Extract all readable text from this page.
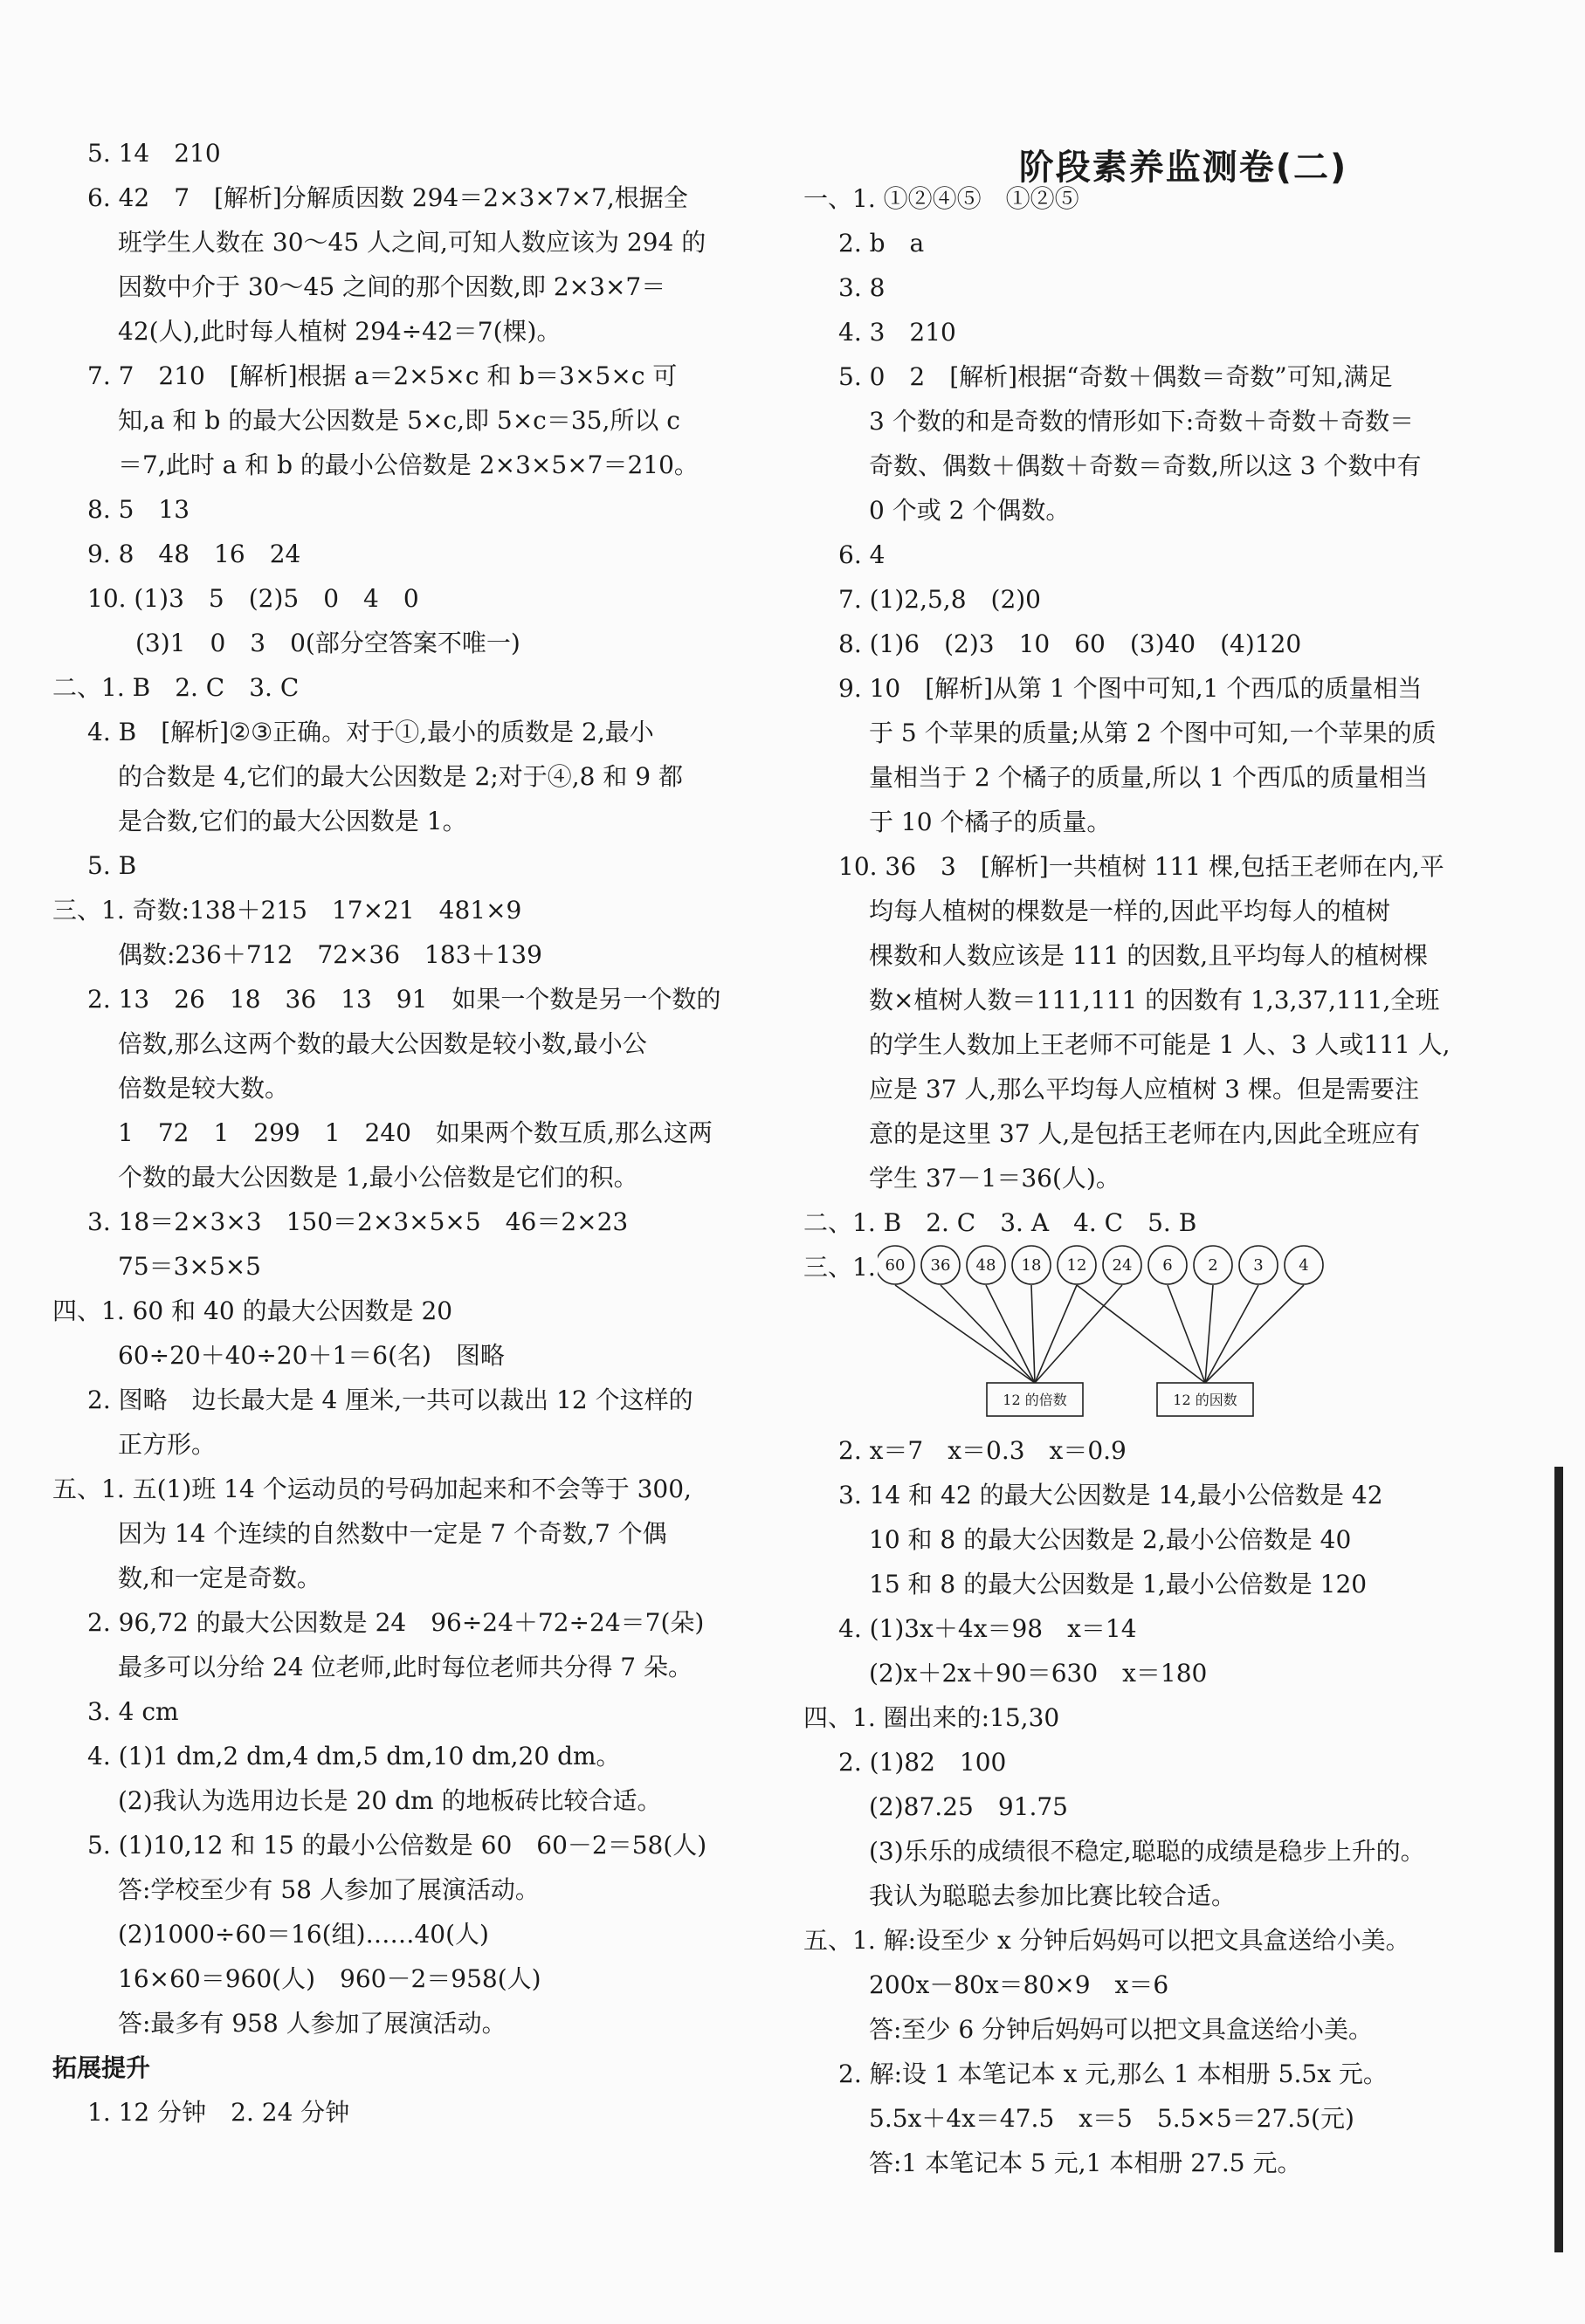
5. 14　210
6. 42　7　[解析]分解质因数 294＝2×3×7×7,根据全
班学生人数在 30～45 人之间,可知人数应该为 294 的
因数中介于 30～45 之间的那个因数,即 2×3×7＝
42(人),此时每人植树 294÷42＝7(棵)。
7. 7　210　[解析]根据 a＝2×5×c 和 b＝3×5×c 可
知,a 和 b 的最大公因数是 5×c,即 5×c＝35,所以 c
＝7,此时 a 和 b 的最小公倍数是 2×3×5×7＝210。
8. 5　13
9. 8　48　16　24
10. (1)3　5　(2)5　0　4　0
(3)1　0　3　0(部分空答案不唯一)
二、1. B　2. C　3. C
4. B　[解析]②③正确。对于①,最小的质数是 2,最小
的合数是 4,它们的最大公因数是 2;对于④,8 和 9 都
是合数,它们的最大公因数是 1。
5. B
三、1. 奇数:138＋215　17×21　481×9
偶数:236＋712　72×36　183＋139
2. 13　26　18　36　13　91　如果一个数是另一个数的
倍数,那么这两个数的最大公因数是较小数,最小公
倍数是较大数。
1　72　1　299　1　240　如果两个数互质,那么这两
个数的最大公因数是 1,最小公倍数是它们的积。
3. 18＝2×3×3　150＝2×3×5×5　46＝2×23
75＝3×5×5
四、1. 60 和 40 的最大公因数是 20
60÷20＋40÷20＋1＝6(名)　图略
2. 图略　边长最大是 4 厘米,一共可以裁出 12 个这样的
正方形。
五、1. 五(1)班 14 个运动员的号码加起来和不会等于 300,
因为 14 个连续的自然数中一定是 7 个奇数,7 个偶
数,和一定是奇数。
2. 96,72 的最大公因数是 24　96÷24＋72÷24＝7(朵)
最多可以分给 24 位老师,此时每位老师共分得 7 朵。
3. 4 cm
4. (1)1 dm,2 dm,4 dm,5 dm,10 dm,20 dm。
(2)我认为选用边长是 20 dm 的地板砖比较合适。
5. (1)10,12 和 15 的最小公倍数是 60　60－2＝58(人)
答:学校至少有 58 人参加了展演活动。
(2)1000÷60＝16(组)……40(人)
16×60＝960(人)　960－2＝958(人)
答:最多有 958 人参加了展演活动。
拓展提升
1. 12 分钟　2. 24 分钟
阶段素养监测卷(二)
一、1. ①②④⑤　①②⑤
2. b　a
3. 8
4. 3　210
5. 0　2　[解析]根据“奇数＋偶数＝奇数”可知,满足
3 个数的和是奇数的情形如下:奇数＋奇数＋奇数＝
奇数、偶数＋偶数＋奇数＝奇数,所以这 3 个数中有
0 个或 2 个偶数。
6. 4
7. (1)2,5,8　(2)0
8. (1)6　(2)3　10　60　(3)40　(4)120
9. 10　[解析]从第 1 个图中可知,1 个西瓜的质量相当
于 5 个苹果的质量;从第 2 个图中可知,一个苹果的质
量相当于 2 个橘子的质量,所以 1 个西瓜的质量相当
于 10 个橘子的质量。
10. 36　3　[解析]一共植树 111 棵,包括王老师在内,平
均每人植树的棵数是一样的,因此平均每人的植树
棵数和人数应该是 111 的因数,且平均每人的植树棵
数×植树人数＝111,111 的因数有 1,3,37,111,全班
的学生人数加上王老师不可能是 1 人、3 人或111 人,
应是 37 人,那么平均每人应植树 3 棵。但是需要注
意的是这里 37 人,是包括王老师在内,因此全班应有
学生 37－1＝36(人)。
二、1. B　2. C　3. A　4. C　5. B
三、1. 60 36 48 18 12 24 6 2 3 4
12 的倍数	12 的因数
2. x＝7　x＝0.3　x＝0.9
3. 14 和 42 的最大公因数是 14,最小公倍数是 42
10 和 8 的最大公因数是 2,最小公倍数是 40
15 和 8 的最大公因数是 1,最小公倍数是 120
4. (1)3x＋4x＝98　x＝14
(2)x＋2x＋90＝630　x＝180
四、1. 圈出来的:15,30
2. (1)82　100
(2)87.25　91.75
(3)乐乐的成绩很不稳定,聪聪的成绩是稳步上升的。
我认为聪聪去参加比赛比较合适。
五、1. 解:设至少 x 分钟后妈妈可以把文具盒送给小美。
200x－80x＝80×9　x＝6
答:至少 6 分钟后妈妈可以把文具盒送给小美。
2. 解:设 1 本笔记本 x 元,那么 1 本相册 5.5x 元。
5.5x＋4x＝47.5　x＝5　5.5×5＝27.5(元)
答:1 本笔记本 5 元,1 本相册 27.5 元。
